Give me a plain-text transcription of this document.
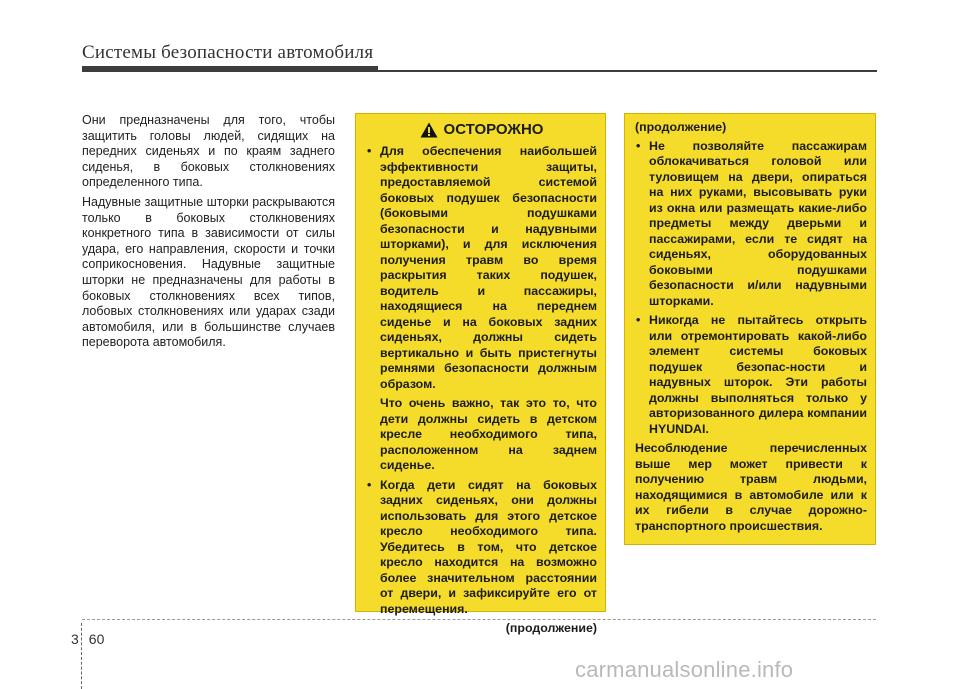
Системы безопасности автомобиля

Они предназначены для того, чтобы защитить головы людей, сидящих на передних сиденьях и по краям заднего сиденья, в боковых столкновениях определенного типа.

Надувные защитные шторки раскрываются только в боковых столкновениях конкретного типа в зависимости от силы удара, его направления, скорости и точки соприкосновения. Надувные защитные шторки не предназначены для работы в боковых столкновениях всех типов, лобовых столкновениях или ударах сзади автомобиля, или в большинстве случаев переворота автомобиля.

ОСТОРОЖНО
• Для обеспечения наибольшей эффективности защиты, предоставляемой системой боковых подушек безопасности (боковыми подушками безопасности и надувными шторками), и для исключения получения травм во время раскрытия таких подушек, водитель и пассажиры, находящиеся на переднем сиденье и на боковых задних сиденьях, должны сидеть вертикально и быть пристегнуты ремнями безопасности должным образом.
Что очень важно, так это то, что дети должны сидеть в детском кресле необходимого типа, расположенном на заднем сиденье.
• Когда дети сидят на боковых задних сиденьях, они должны использовать для этого детское кресло необходимого типа. Убедитесь в том, что детское кресло находится на возможно более значительном расстоянии от двери, и зафиксируйте его от перемещения.
(продолжение)
(продолжение)
• Не позволяйте пассажирам облокачиваться головой или туловищем на двери, опираться на них руками, высовывать руки из окна или размещать какие-либо предметы между дверьми и пассажирами, если те сидят на сиденьях, оборудованных боковыми подушками безопасности и/или надувными шторками.
• Никогда не пытайтесь открыть или отремонтировать какой-либо элемент системы боковых подушек безопас-ности и надувных шторок. Эти работы должны выполняться только у авторизованного дилера компании HYUNDAI.
Несоблюдение перечисленных выше мер может привести к получению травм людьми, находящимися в автомобиле или к их гибели в случае дорожно-транспортного происшествия.
3 60
carmanualsonline.info
